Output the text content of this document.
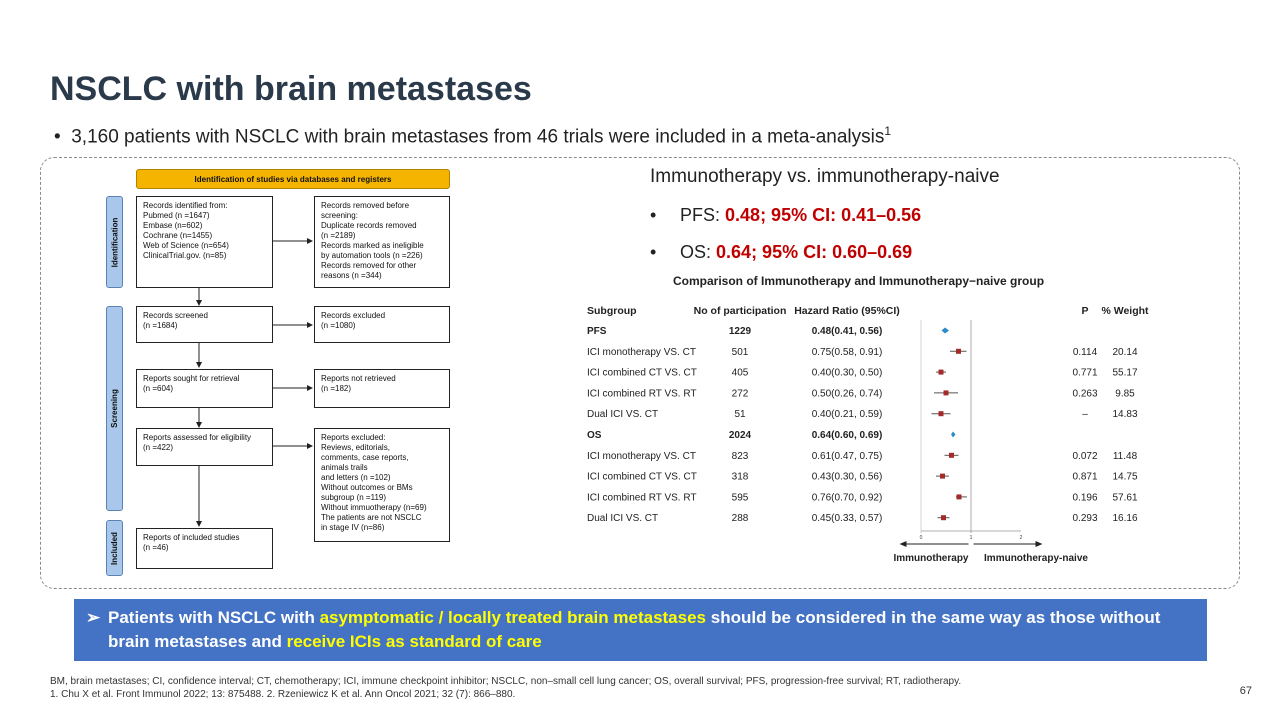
NSCLC with brain metastases
•  3,160 patients with NSCLC with brain metastases from 46 trials were included in a meta-analysis$^1$
Identification of studies via databases and registers
Identification
Screening
Included
Records identified from:
Pubmed (n =1647)
Embase (n=602)
Cochrane (n=1455)
Web of Science (n=654)
ClinicalTrial.gov. (n=85)
Records removed before screening:
Duplicate records removed
(n =2189)
Records marked as ineligible
by automation tools (n =226)
Records removed for other
reasons (n =344)
Records screened
(n =1684)
Records excluded
(n =1080)
Reports sought for retrieval
(n =604)
Reports not retrieved
(n =182)
Reports assessed for eligibility
(n =422)
Reports excluded:
Reviews, editorials,
comments, case reports,
animals trails
and letters (n =102)
Without outcomes or BMs
subgroup (n =119)
Without immuotherapy (n=69)
The patients are not NSCLC
in stage IV (n=86)
Reports of included studies
(n =46)
Immunotherapy vs. immunotherapy-naive
• PFS: 0.48; 95% CI: 0.41–0.56
• OS: 0.64; 95% CI: 0.60–0.69
Comparison of Immunotherapy and Immunotherapy−naive group
Subgroup	No of participation Hazard Ratio (95%CI)	P % Weight
0	1	2
PFS	1229	0.48(0.41, 0.56)
ICI monotherapy VS. CT	501	0.75(0.58, 0.91)	0.114 20.14
ICI combined CT VS. CT	405	0.40(0.30, 0.50)	0.771 55.17
ICI combined RT VS. RT	272	0.50(0.26, 0.74)	0.263 9.85
Dual ICI VS. CT	51	0.40(0.21, 0.59)	– 14.83
OS	2024	0.64(0.60, 0.69)
ICI monotherapy VS. CT	823	0.61(0.47, 0.75)	0.072 11.48
ICI combined CT VS. CT	318	0.43(0.30, 0.56)	0.871 14.75
ICI combined RT VS. RT	595	0.76(0.70, 0.92)	0.196 57.61
Dual ICI VS. CT	288	0.45(0.33, 0.57)	0.293 16.16
Immunotherapy Immunotherapy-naive
➢ Patients with NSCLC with asymptomatic / locally treated brain metastases should be considered in the same way as those without brain metastases and receive ICIs as standard of care
BM, brain metastases; CI, confidence interval; CT, chemotherapy; ICI, immune checkpoint inhibitor; NSCLC, non–small cell lung cancer; OS, overall survival; PFS, progression-free survival; RT, radiotherapy.
1. Chu X et al. Front Immunol 2022; 13: 875488. 2. Rzeniewicz K et al. Ann Oncol 2021; 32 (7): 866–880.	67
